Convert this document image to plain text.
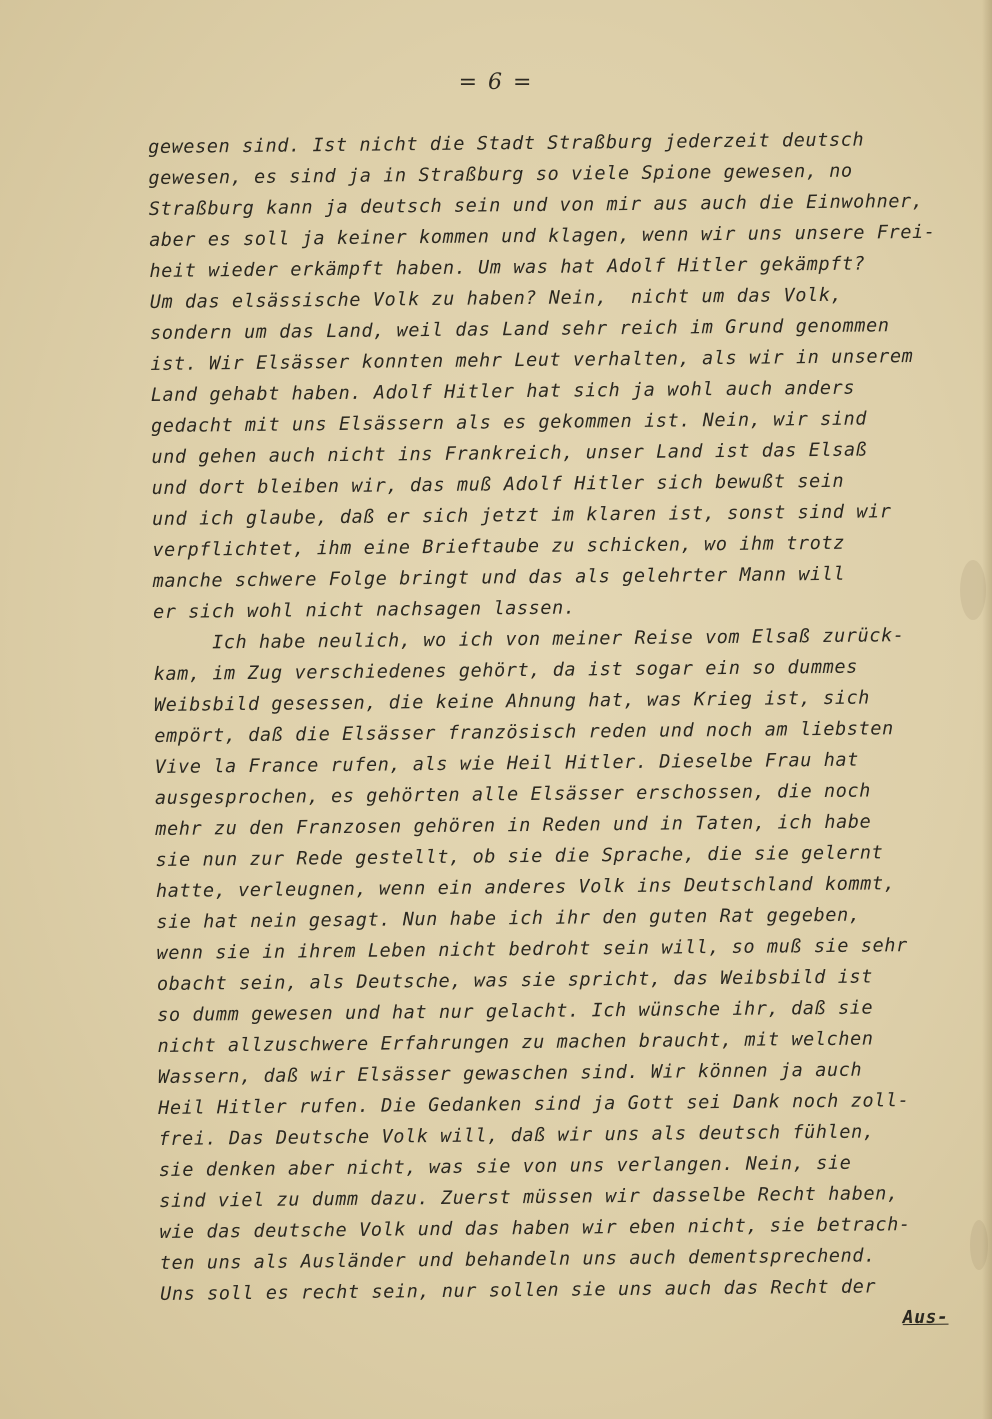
= 6 =
gewesen sind. Ist nicht die Stadt Straßburg jederzeit deutsch
gewesen, es sind ja in Straßburg so viele Spione gewesen, no
Straßburg kann ja deutsch sein und von mir aus auch die Einwohner,
aber es soll ja keiner kommen und klagen, wenn wir uns unsere Frei-
heit wieder erkämpft haben. Um was hat Adolf Hitler gekämpft?
Um das elsässische Volk zu haben? Nein,  nicht um das Volk,
sondern um das Land, weil das Land sehr reich im Grund genommen
ist. Wir Elsässer konnten mehr Leut verhalten, als wir in unserem
Land gehabt haben. Adolf Hitler hat sich ja wohl auch anders
gedacht mit uns Elsässern als es gekommen ist. Nein, wir sind
und gehen auch nicht ins Frankreich, unser Land ist das Elsaß
und dort bleiben wir, das muß Adolf Hitler sich bewußt sein
und ich glaube, daß er sich jetzt im klaren ist, sonst sind wir
verpflichtet, ihm eine Brieftaube zu schicken, wo ihm trotz
manche schwere Folge bringt und das als gelehrter Mann will
er sich wohl nicht nachsagen lassen.
Ich habe neulich, wo ich von meiner Reise vom Elsaß zurück-
kam, im Zug verschiedenes gehört, da ist sogar ein so dummes
Weibsbild gesessen, die keine Ahnung hat, was Krieg ist, sich
empört, daß die Elsässer französisch reden und noch am liebsten
Vive la France rufen, als wie Heil Hitler. Dieselbe Frau hat
ausgesprochen, es gehörten alle Elsässer erschossen, die noch
mehr zu den Franzosen gehören in Reden und in Taten, ich habe
sie nun zur Rede gestellt, ob sie die Sprache, die sie gelernt
hatte, verleugnen, wenn ein anderes Volk ins Deutschland kommt,
sie hat nein gesagt. Nun habe ich ihr den guten Rat gegeben,
wenn sie in ihrem Leben nicht bedroht sein will, so muß sie sehr
obacht sein, als Deutsche, was sie spricht, das Weibsbild ist
so dumm gewesen und hat nur gelacht. Ich wünsche ihr, daß sie
nicht allzuschwere Erfahrungen zu machen braucht, mit welchen
Wassern, daß wir Elsässer gewaschen sind. Wir können ja auch
Heil Hitler rufen. Die Gedanken sind ja Gott sei Dank noch zoll-
frei. Das Deutsche Volk will, daß wir uns als deutsch fühlen,
sie denken aber nicht, was sie von uns verlangen. Nein, sie
sind viel zu dumm dazu. Zuerst müssen wir dasselbe Recht haben,
wie das deutsche Volk und das haben wir eben nicht, sie betrach-
ten uns als Ausländer und behandeln uns auch dementsprechend.
Uns soll es recht sein, nur sollen sie uns auch das Recht der
Aus-
